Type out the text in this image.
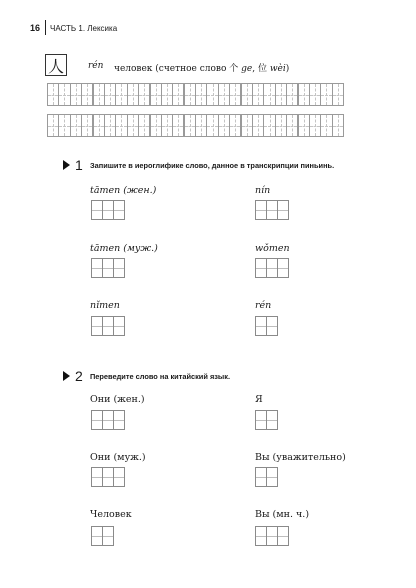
16 ЧАСТЬ 1. Лексика
人	rén человек (счетное слово 个 ge, 位 wèi)
1 Запишите в иероглифике слово, данное в транскрипции пиньинь.
tāmen (жен.)	nín
tāmen (муж.)	wǒmen
nǐmen	rén
2 Переведите слово на китайский язык.
Они (жен.)	Я
Они (муж.)	Вы (уважительно)
Человек	Вы (мн. ч.)
